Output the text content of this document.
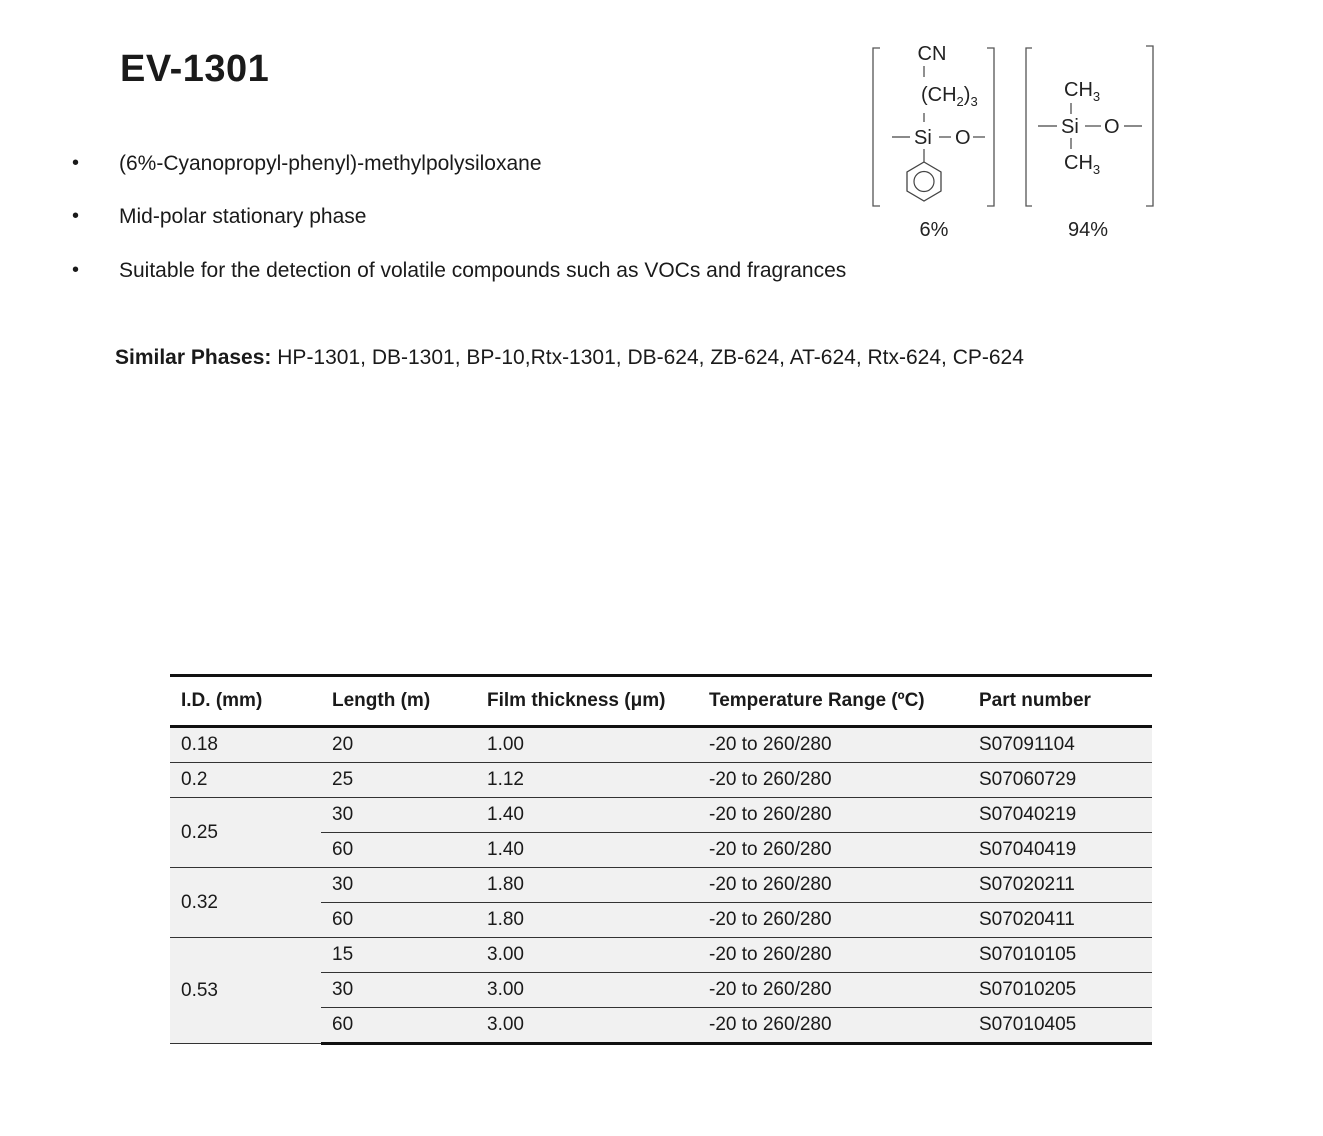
EV-1301
• (6%-Cyanopropyl-phenyl)-methylpolysiloxane
• Mid-polar stationary phase
• Suitable for the detection of volatile compounds such as VOCs and fragrances
CN
$(CH_2)_3$
Si O
6%
$CH_3$
Si O
$CH_3$
94%
Similar Phases: HP-1301, DB-1301, BP-10,Rtx-1301, DB-624, ZB-624, AT-624, Rtx-624, CP-624
I.D. (mm)	Length (m)	Film thickness (μm)	Temperature Range (ºC)	Part number
0.18	20	1.00	-20 to 260/280	S07091104
0.2	25	1.12	-20 to 260/280	S07060729
0.25	30	1.40	-20 to 260/280	S07040219
	60	1.40	-20 to 260/280	S07040419
0.32	30	1.80	-20 to 260/280	S07020211
	60	1.80	-20 to 260/280	S07020411
0.53	15	3.00	-20 to 260/280	S07010105
	30	3.00	-20 to 260/280	S07010205
	60	3.00	-20 to 260/280	S07010405
